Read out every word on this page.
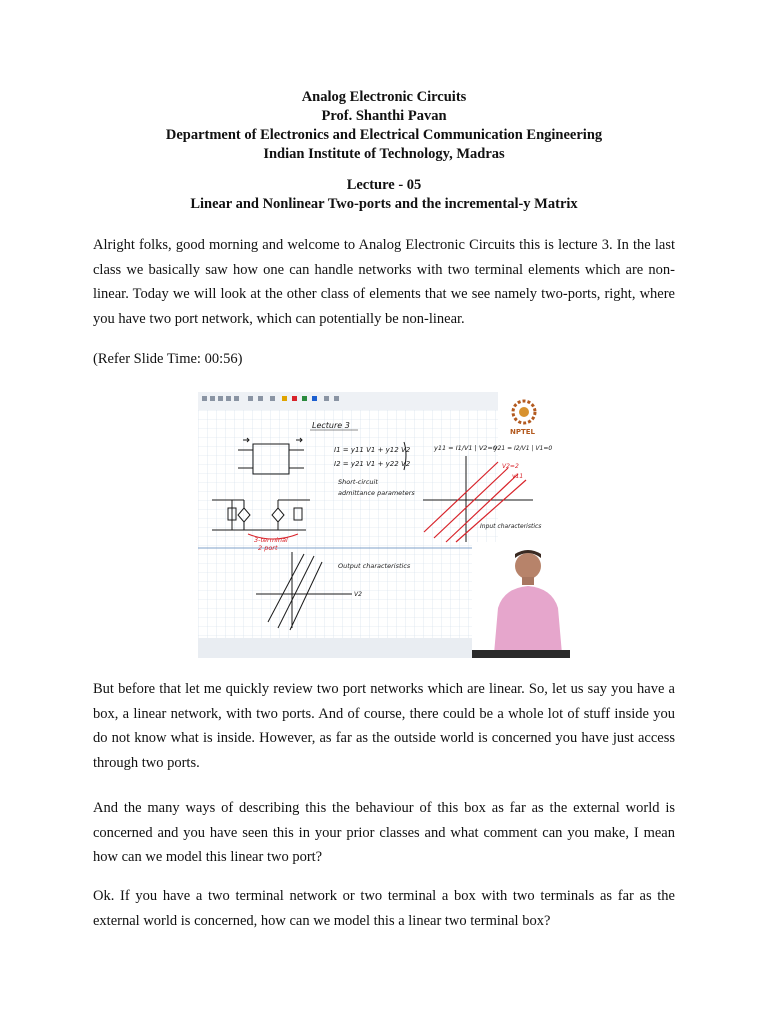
Analog Electronic Circuits
Prof. Shanthi Pavan
Department of Electronics and Electrical Communication Engineering
Indian Institute of Technology, Madras
Lecture - 05
Linear and Nonlinear Two-ports and the incremental-y Matrix

Alright folks, good morning and welcome to Analog Electronic Circuits this is lecture 3. In the last class we basically saw how one can handle networks with two terminal elements which are non-linear. Today we will look at the other class of elements that we see namely two-ports, right, where you have two port network, which can potentially be non-linear.

(Refer Slide Time: 00:56)

NPTEL
Lecture 3
I1 = y11 V1 + y12 V2
I2 = y21 V1 + y22 V2
Short-circuit
admittance parameters
y11 = I1/V1 | V2=0
y21 = I2/V1 | V1=0
V2=2
y11
Input characteristics
3-terminal
2 port
V2
Output characteristics

But before that let me quickly review two port networks which are linear. So, let us say you have a box, a linear network, with two ports. And of course, there could be a whole lot of stuff inside you do not know what is inside. However, as far as the outside world is concerned you have just access through two ports.

And the many ways of describing this the behaviour of this box as far as the external world is concerned and you have seen this in your prior classes and what comment can you make, I mean how can we model this linear two port?

Ok. If you have a two terminal network or two terminal a box with two terminals as far as the external world is concerned, how can we model this a linear two terminal box?
